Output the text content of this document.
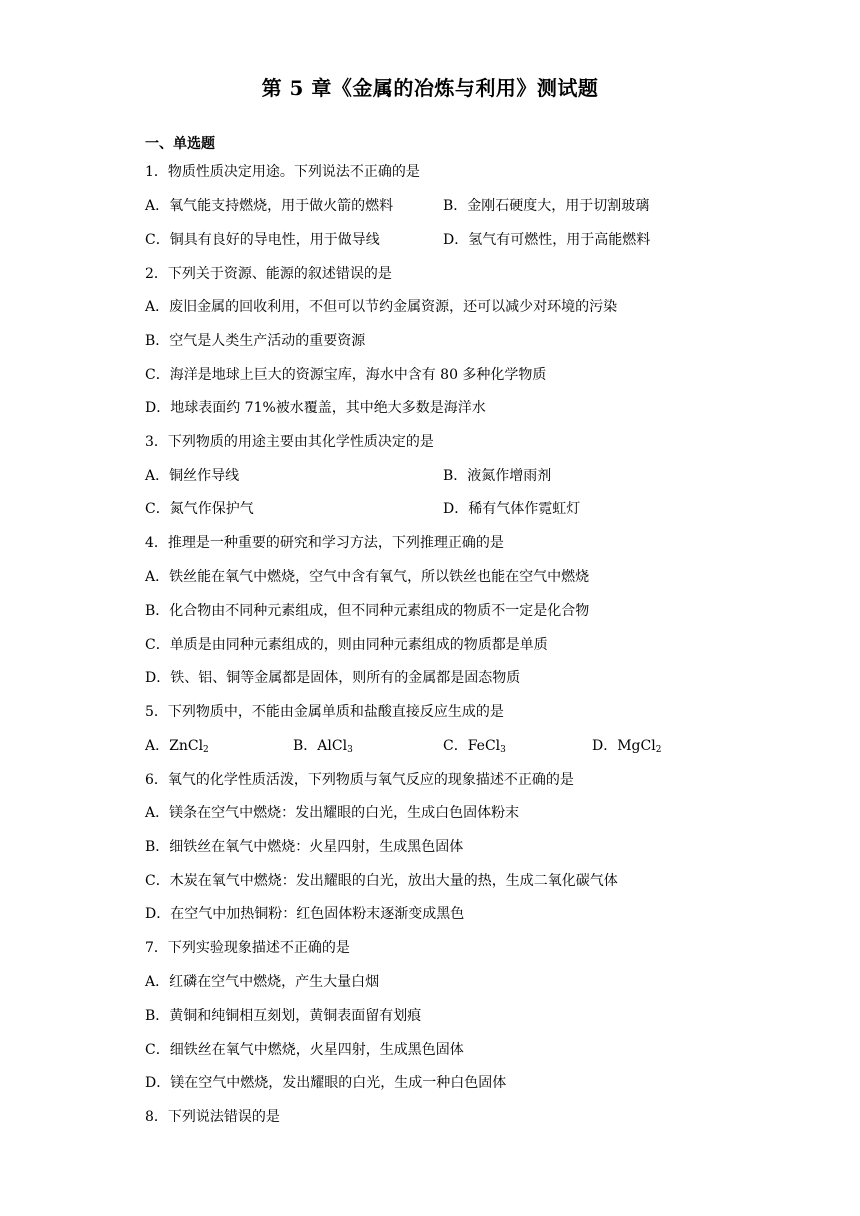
第 5 章《金属的冶炼与利用》测试题
一、单选题
1．物质性质决定用途。下列说法不正确的是
A．氧气能支持燃烧，用于做火箭的燃料	B．金刚石硬度大，用于切割玻璃
C．铜具有良好的导电性，用于做导线	D．氢气有可燃性，用于高能燃料
2．下列关于资源、能源的叙述错误的是
A．废旧金属的回收利用，不但可以节约金属资源，还可以减少对环境的污染
B．空气是人类生产活动的重要资源
C．海洋是地球上巨大的资源宝库，海水中含有 80 多种化学物质
D．地球表面约 71%被水覆盖，其中绝大多数是海洋水
3．下列物质的用途主要由其化学性质决定的是
A．铜丝作导线	B．液氮作增雨剂
C．氮气作保护气	D．稀有气体作霓虹灯
4．推理是一种重要的研究和学习方法，下列推理正确的是
A．铁丝能在氧气中燃烧，空气中含有氧气，所以铁丝也能在空气中燃烧
B．化合物由不同种元素组成，但不同种元素组成的物质不一定是化合物
C．单质是由同种元素组成的，则由同种元素组成的物质都是单质
D．铁、铝、铜等金属都是固体，则所有的金属都是固态物质
5．下列物质中，不能由金属单质和盐酸直接反应生成的是
A．ZnCl$_2$	B．AlCl$_3$	C．FeCl$_3$	D．MgCl$_2$
6．氧气的化学性质活泼，下列物质与氧气反应的现象描述不正确的是
A．镁条在空气中燃烧：发出耀眼的白光，生成白色固体粉末
B．细铁丝在氧气中燃烧：火星四射，生成黑色固体
C．木炭在氧气中燃烧：发出耀眼的白光，放出大量的热，生成二氧化碳气体
D．在空气中加热铜粉：红色固体粉末逐渐变成黑色
7．下列实验现象描述不正确的是
A．红磷在空气中燃烧，产生大量白烟
B．黄铜和纯铜相互刻划，黄铜表面留有划痕
C．细铁丝在氧气中燃烧，火星四射，生成黑色固体
D．镁在空气中燃烧，发出耀眼的白光，生成一种白色固体
8．下列说法错误的是
